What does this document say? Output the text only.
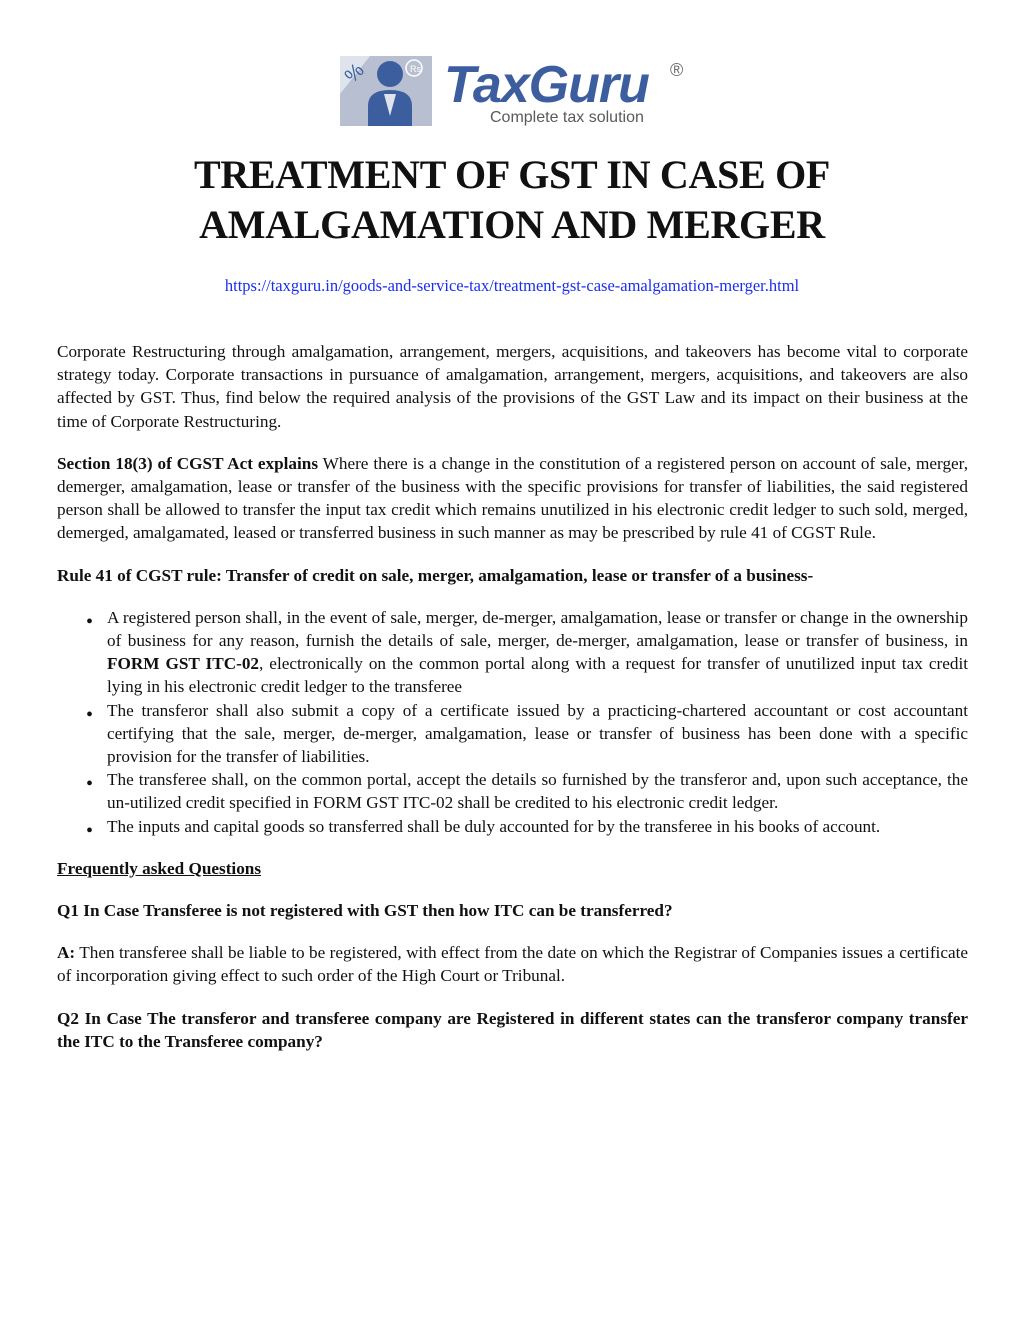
%	Rs TaxGuru ®
Complete tax solution
TREATMENT OF GST IN CASE OF
AMALGAMATION AND MERGER
https://taxguru.in/goods-and-service-tax/treatment-gst-case-amalgamation-merger.html

Corporate Restructuring through amalgamation, arrangement, mergers, acquisitions, and takeovers has become vital to corporate strategy today. Corporate transactions in pursuance of amalgamation, arrangement, mergers, acquisitions, and takeovers are also affected by GST. Thus, find below the required analysis of the provisions of the GST Law and its impact on their business at the time of Corporate Restructuring.

Section 18(3) of CGST Act explains Where there is a change in the constitution of a registered person on account of sale, merger, demerger, amalgamation, lease or transfer of the business with the specific provisions for transfer of liabilities, the said registered person shall be allowed to transfer the input tax credit which remains unutilized in his electronic credit ledger to such sold, merged, demerged, amalgamated, leased or transferred business in such manner as may be prescribed by rule 41 of CGST Rule.

Rule 41 of CGST rule: Transfer of credit on sale, merger, amalgamation, lease or transfer of a business-

• A registered person shall, in the event of sale, merger, de-merger, amalgamation, lease or transfer or change in the ownership of business for any reason, furnish the details of sale, merger, de-merger, amalgamation, lease or transfer of business, in FORM GST ITC-02, electronically on the common portal along with a request for transfer of unutilized input tax credit lying in his electronic credit ledger to the transferee
• The transferor shall also submit a copy of a certificate issued by a practicing-chartered accountant or cost accountant certifying that the sale, merger, de-merger, amalgamation, lease or transfer of business has been done with a specific provision for the transfer of liabilities.
• The transferee shall, on the common portal, accept the details so furnished by the transferor and, upon such acceptance, the un-utilized credit specified in FORM GST ITC-02 shall be credited to his electronic credit ledger.
• The inputs and capital goods so transferred shall be duly accounted for by the transferee in his books of account.

Frequently asked Questions

Q1 In Case Transferee is not registered with GST then how ITC can be transferred?

A: Then transferee shall be liable to be registered, with effect from the date on which the Registrar of Companies issues a certificate of incorporation giving effect to such order of the High Court or Tribunal.

Q2 In Case The transferor and transferee company are Registered in different states can the transferor company transfer the ITC to the Transferee company?
